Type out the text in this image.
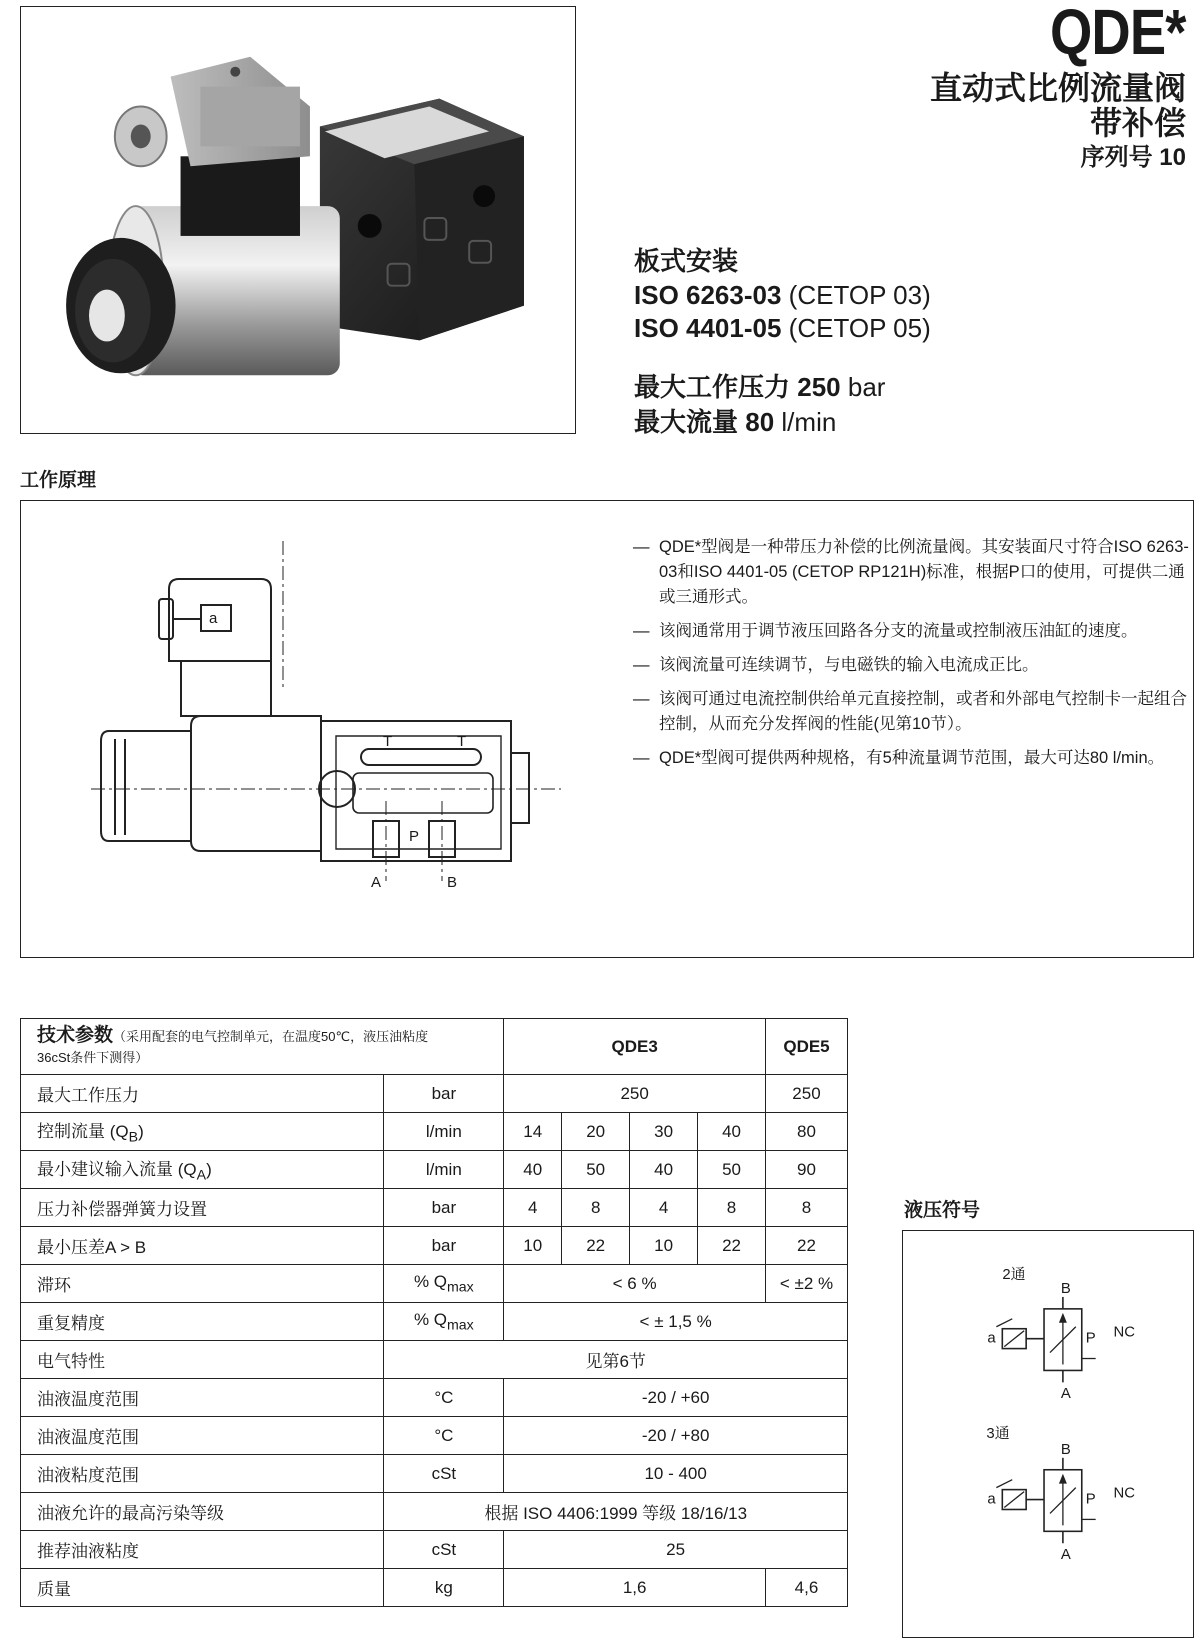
QDE*
直动式比例流量阀
带补偿
序列号 10
板式安装
ISO 6263-03 (CETOP 03)
ISO 4401-05 (CETOP 05)
最大工作压力 250 bar
最大流量 80 l/min
工作原理
a
T	T
P
A	B
— QDE*型阀是一种带压力补偿的比例流量阀。其安装面尺寸符合ISO 6263-03和ISO 4401-05 (CETOP RP121H)标准，根据P口的使用，可提供二通或三通形式。
— 该阀通常用于调节液压回路各分支的流量或控制液压油缸的速度。
— 该阀流量可连续调节，与电磁铁的输入电流成正比。
— 该阀可通过电流控制供给单元直接控制，或者和外部电气控制卡一起组合控制，从而充分发挥阀的性能(见第10节）。
— QDE*型阀可提供两种规格，有5种流量调节范围，最大可达80 l/min。
技术参数（采用配套的电气控制单元，在温度50℃，液压油粘度
36cSt条件下测得）		QDE3				QDE5
最大工作压力	bar	250				250
控制流量 $(Q_B)$	l/min	14	20	30	40	80
最小建议输入流量 $(Q_A)$	l/min	40	50	40	50	90
压力补偿器弹簧力设置	bar	4	8	4	8	8
最小压差A > B	bar	10	22	10	22	22
滞环	% $Q_{max}$	< 6 %				< ±2 %
重复精度	% $Q_{max}$	< ± 1,5 %				
电气特性	见第6节					
油液温度范围	°C	-20 / +60				
油液温度范围	°C	-20 / +80				
油液粘度范围	cSt	10 - 400				
油液允许的最高污染等级	根据 ISO 4406:1999 等级 18/16/13					
推荐油液粘度	cSt	25				
质量	kg	1,6				4,6
液压符号
2通
B
a	P
A
NC
3通
B
a	P
A
NC
